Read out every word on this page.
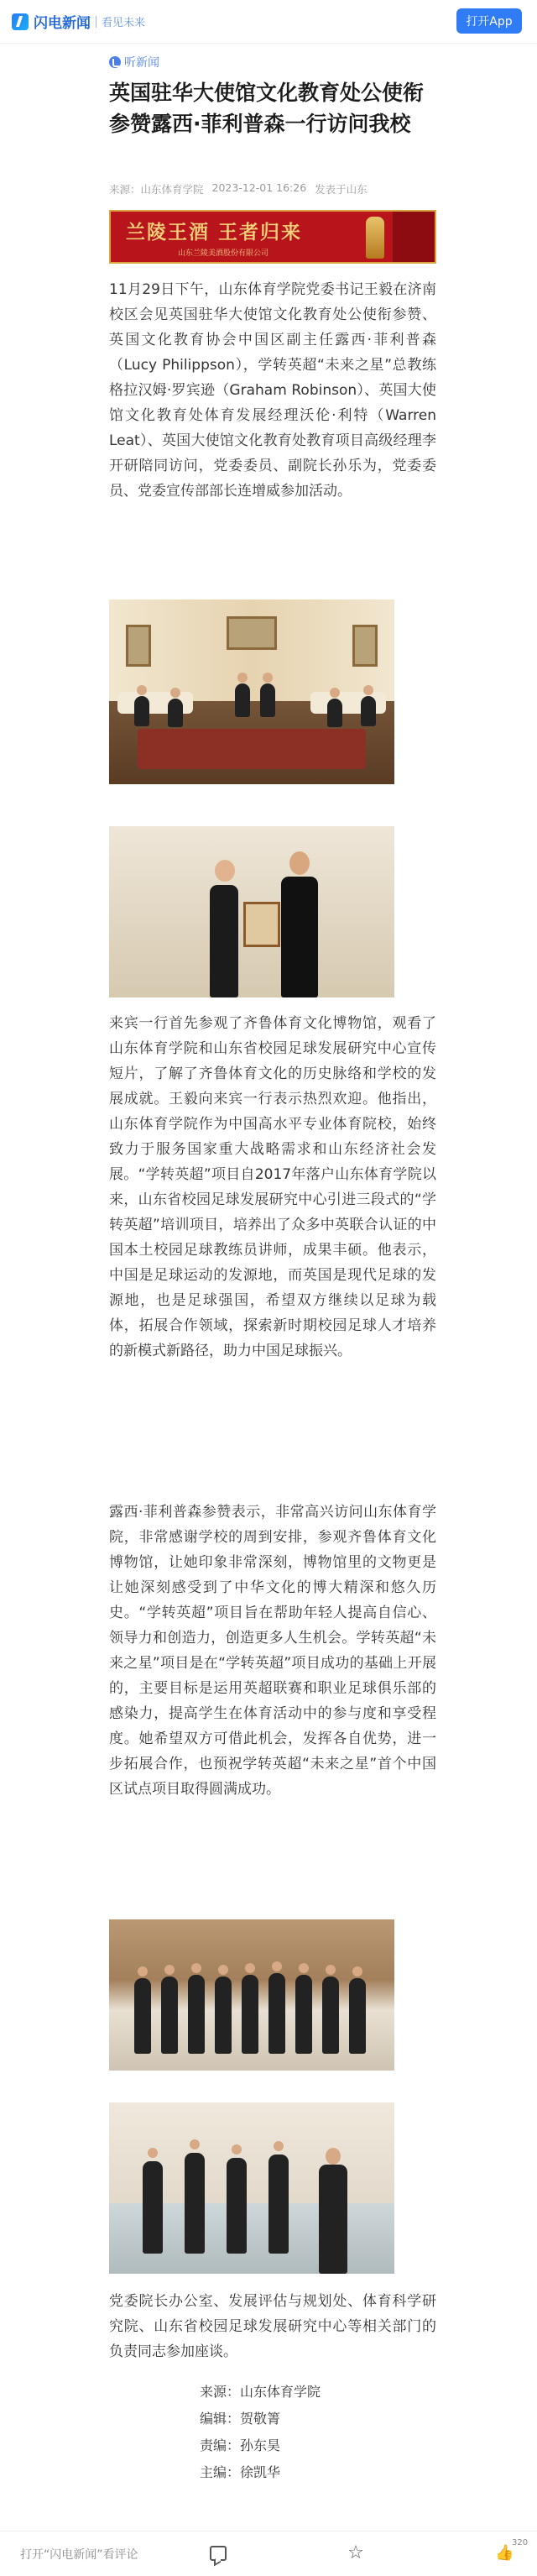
闪电新闻 看见未来	打开App
听新闻
英国驻华大使馆文化教育处公使衔参赞露西·菲利普森一行访问我校
来源：山东体育学院 2023-12-01 16:26 发表于山东
兰陵王酒 王者归来
山东兰陵美酒股份有限公司
11月29日下午，山东体育学院党委书记王毅在济南校区会见英国驻华大使馆文化教育处公使衔参赞、英国文化教育协会中国区副主任露西·菲利普森（Lucy Philippson），学转英超“未来之星”总教练格拉汉姆·罗宾逊（Graham Robinson）、英国大使馆文化教育处体育发展经理沃伦·利特（Warren Leat）、英国大使馆文化教育处教育项目高级经理李开研陪同访问，党委委员、副院长孙乐为，党委委员、党委宣传部部长连增威参加活动。
来宾一行首先参观了齐鲁体育文化博物馆，观看了山东体育学院和山东省校园足球发展研究中心宣传短片，了解了齐鲁体育文化的历史脉络和学校的发展成就。王毅向来宾一行表示热烈欢迎。他指出，山东体育学院作为中国高水平专业体育院校，始终致力于服务国家重大战略需求和山东经济社会发展。“学转英超”项目自2017年落户山东体育学院以来，山东省校园足球发展研究中心引进三段式的“学转英超”培训项目，培养出了众多中英联合认证的中国本土校园足球教练员讲师，成果丰硕。他表示，中国是足球运动的发源地，而英国是现代足球的发源地，也是足球强国，希望双方继续以足球为载体，拓展合作领域，探索新时期校园足球人才培养的新模式新路径，助力中国足球振兴。
露西·菲利普森参赞表示，非常高兴访问山东体育学院，非常感谢学校的周到安排，参观齐鲁体育文化博物馆，让她印象非常深刻，博物馆里的文物更是让她深刻感受到了中华文化的博大精深和悠久历史。“学转英超”项目旨在帮助年轻人提高自信心、领导力和创造力，创造更多人生机会。学转英超“未来之星”项目是在“学转英超”项目成功的基础上开展的，主要目标是运用英超联赛和职业足球俱乐部的感染力，提高学生在体育活动中的参与度和享受程度。她希望双方可借此机会，发挥各自优势，进一步拓展合作，也预祝学转英超“未来之星”首个中国区试点项目取得圆满成功。
党委院长办公室、发展评估与规划处、体育科学研究院、山东省校园足球发展研究中心等相关部门的负责同志参加座谈。
来源：山东体育学院
编辑：贺敬箐
责编：孙东昊
主编：徐凯华
打开“闪电新闻”看评论	☆	👍
320
